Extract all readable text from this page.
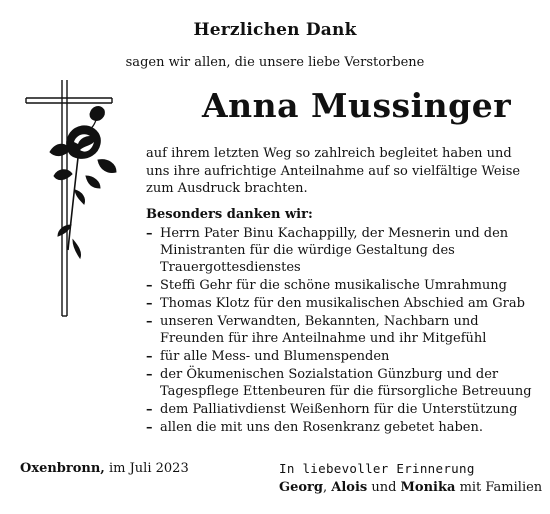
Herzlichen Dank
sagen wir allen, die unsere liebe Verstorbene
Anna Mussinger
auf ihrem letzten Weg so zahlreich begleitet haben und uns ihre aufrichtige Anteilnahme auf so vielfältige Weise zum Ausdruck brachten.
Besonders danken wir:
– Herrn Pater Binu Kachappilly, der Mesnerin und den Ministranten für die würdige Gestaltung des Trauergottesdienstes
– Steffi Gehr für die schöne musikalische Umrahmung
– Thomas Klotz für den musikalischen Abschied am Grab
– unseren Verwandten, Bekannten, Nachbarn und Freunden für ihre Anteilnahme und ihr Mitgefühl
– für alle Mess- und Blumenspenden
– der Ökumenischen Sozialstation Günzburg und der Tagespflege Ettenbeuren für die fürsorgliche Betreuung
– dem Palliativdienst Weißenhorn für die Unterstützung
– allen die mit uns den Rosenkranz gebetet haben.
Oxenbronn, im Juli 2023	In liebevoller Erinnerung
Georg, Alois und Monika mit Familien
